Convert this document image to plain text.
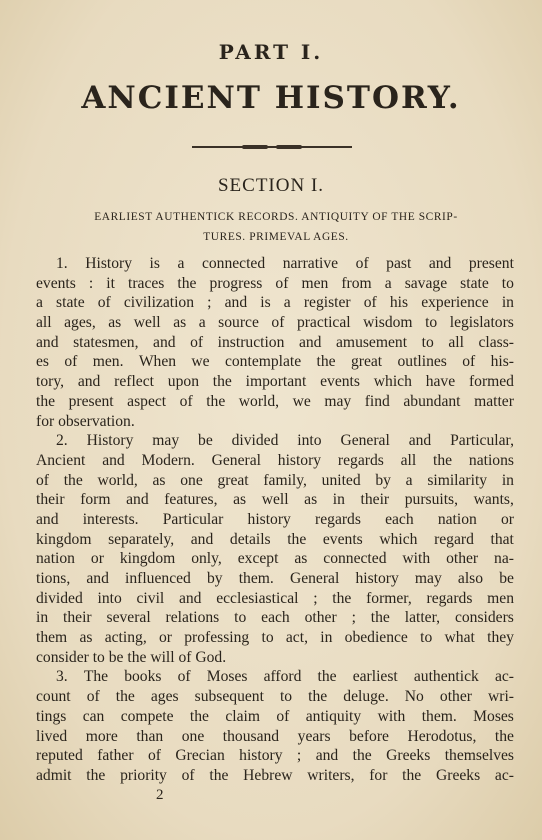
PART I.
ANCIENT HISTORY.
SECTION I.
EARLIEST AUTHENTICK RECORDS. ANTIQUITY OF THE SCRIP-
TURES. PRIMEVAL AGES.
1. History is a connected narrative of past and present
events : it traces the progress of men from a savage state to
a state of civilization ; and is a register of his experience in
all ages, as well as a source of practical wisdom to legislators
and statesmen, and of instruction and amusement to all class-
es of men. When we contemplate the great outlines of his-
tory, and reflect upon the important events which have formed
the present aspect of the world, we may find abundant matter
for observation.
2. History may be divided into General and Particular,
Ancient and Modern. General history regards all the nations
of the world, as one great family, united by a similarity in
their form and features, as well as in their pursuits, wants,
and interests. Particular history regards each nation or
kingdom separately, and details the events which regard that
nation or kingdom only, except as connected with other na-
tions, and influenced by them. General history may also be
divided into civil and ecclesiastical ; the former, regards men
in their several relations to each other ; the latter, considers
them as acting, or professing to act, in obedience to what they
consider to be the will of God.
3. The books of Moses afford the earliest authentick ac-
count of the ages subsequent to the deluge. No other wri-
tings can compete the claim of antiquity with them. Moses
lived more than one thousand years before Herodotus, the
reputed father of Grecian history ; and the Greeks themselves
admit the priority of the Hebrew writers, for the Greeks ac-
2
